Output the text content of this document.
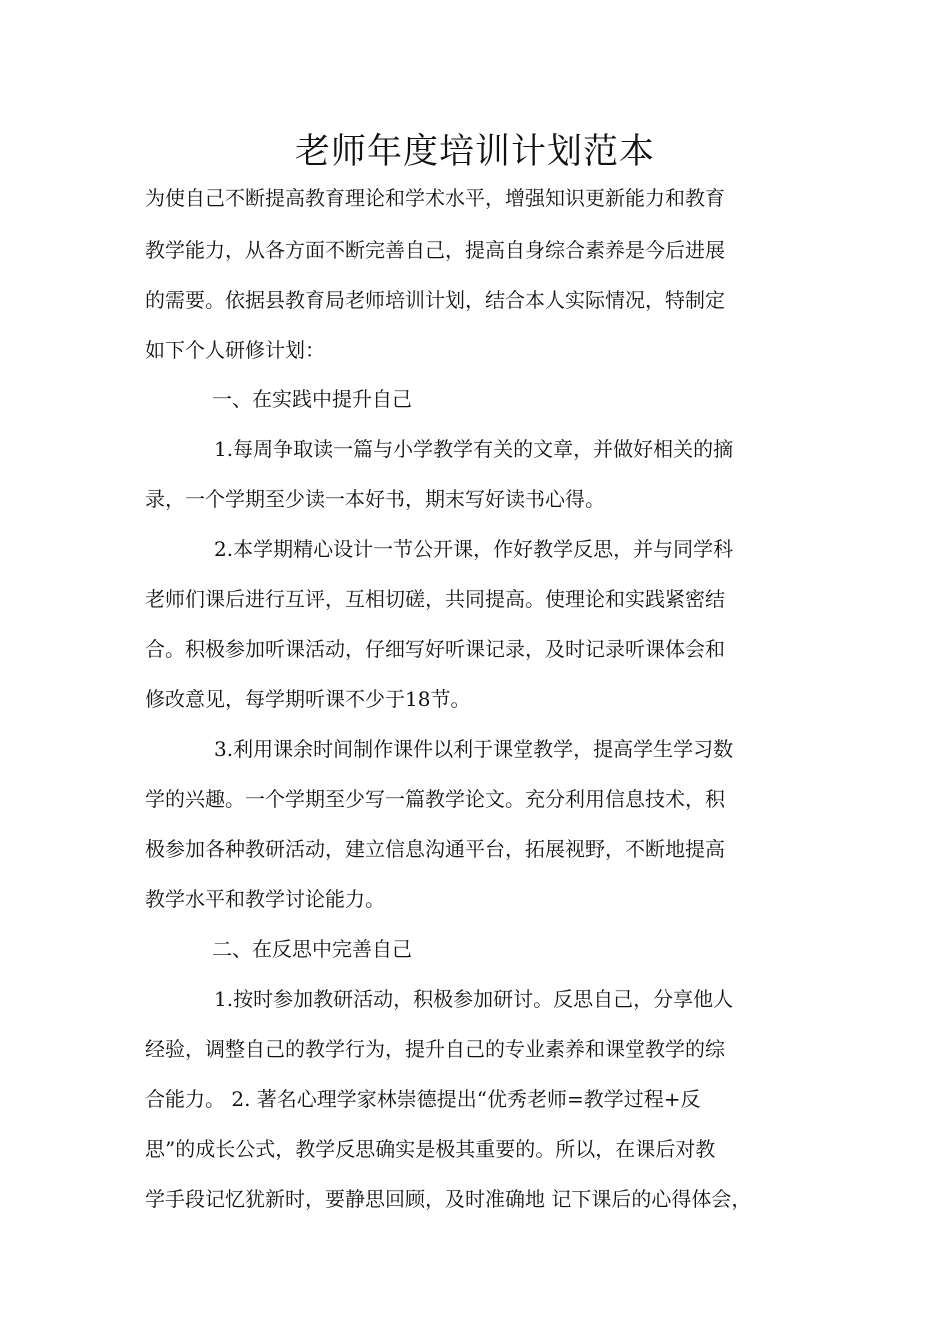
老师年度培训计划范本

为使自己不断提高教育理论和学术水平，增强知识更新能力和教育

教学能力，从各方面不断完善自己，提高自身综合素养是今后进展

的需要。依据县教育局老师培训计划，结合本人实际情况，特制定

如下个人研修计划：

一、在实践中提升自己

1.每周争取读一篇与小学教学有关的文章，并做好相关的摘

录，一个学期至少读一本好书，期末写好读书心得。

2.本学期精心设计一节公开课，作好教学反思，并与同学科

老师们课后进行互评，互相切磋，共同提高。使理论和实践紧密结

合。积极参加听课活动，仔细写好听课记录，及时记录听课体会和

修改意见，每学期听课不少于18节。

3.利用课余时间制作课件以利于课堂教学，提高学生学习数

学的兴趣。一个学期至少写一篇教学论文。充分利用信息技术，积

极参加各种教研活动，建立信息沟通平台，拓展视野，不断地提高

教学水平和教学讨论能力。

二、在反思中完善自己

1.按时参加教研活动，积极参加研讨。反思自己，分享他人

经验，调整自己的教学行为，提升自己的专业素养和课堂教学的综

合能力。 2. 著名心理学家林崇德提出“优秀老师=教学过程+反

思”的成长公式，教学反思确实是极其重要的。所以，在课后对教

学手段记忆犹新时，要静思回顾，及时准确地 记下课后的心得体会，
